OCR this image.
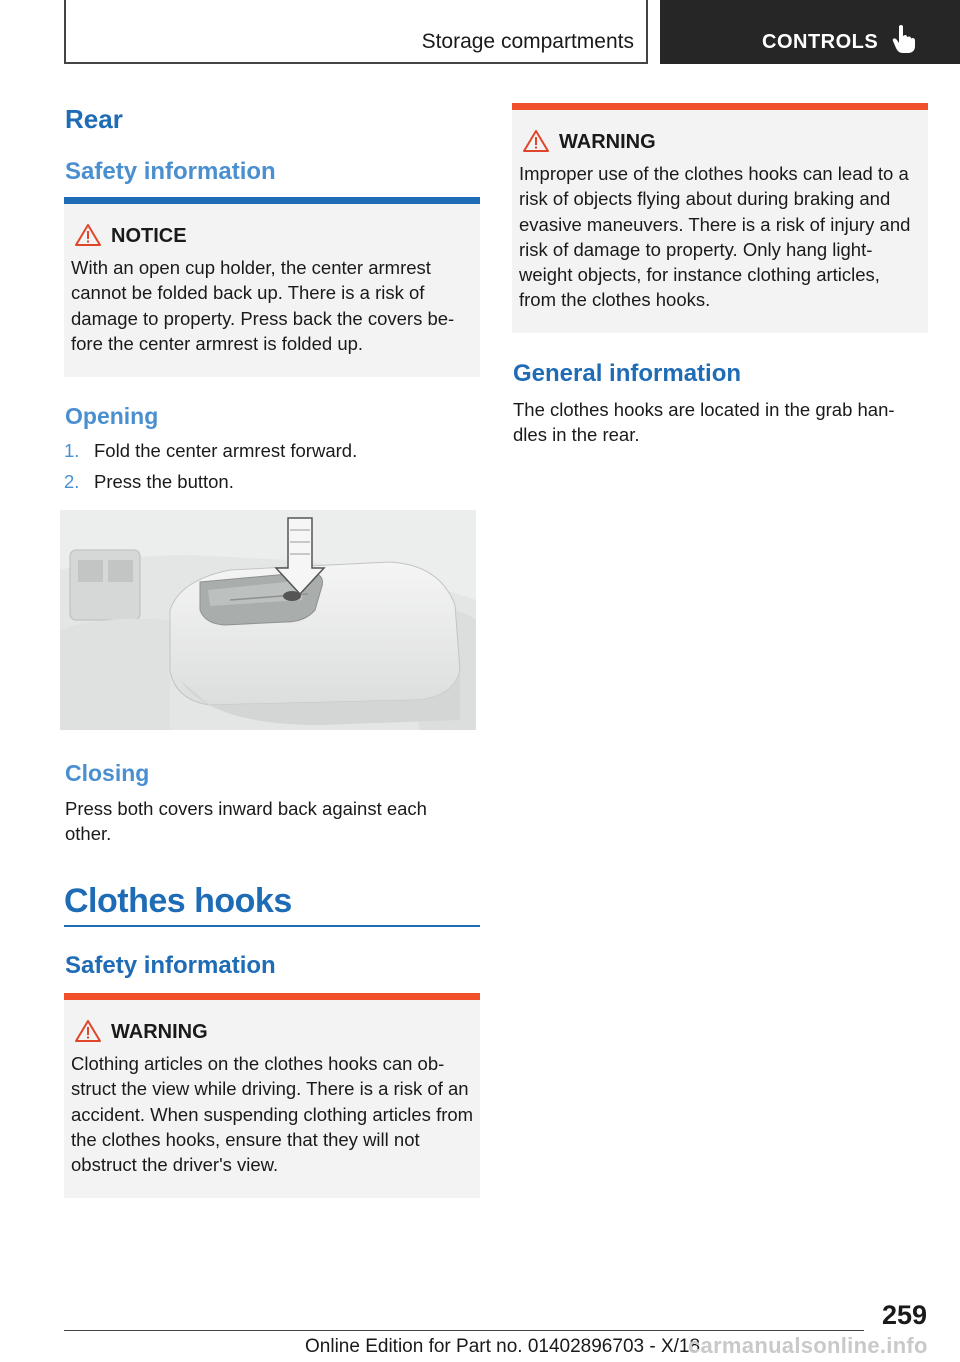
Storage compartments	CONTROLS
Rear
Safety information
NOTICE
With an open cup holder, the center armrest cannot be folded back up. There is a risk of damage to property. Press back the covers be‐fore the center armrest is folded up.
Opening
1. Fold the center armrest forward.
2. Press the button.
Closing
Press both covers inward back against each other.
Clothes hooks
Safety information
WARNING
Clothing articles on the clothes hooks can ob‐struct the view while driving. There is a risk of an accident. When suspending clothing articles from the clothes hooks, ensure that they will not obstruct the driver's view.
WARNING
Improper use of the clothes hooks can lead to a risk of objects flying about during braking and evasive maneuvers. There is a risk of injury and risk of damage to property. Only hang light‐weight objects, for instance clothing articles, from the clothes hooks.
General information
The clothes hooks are located in the grab han‐dles in the rear.
259
Online Edition for Part no. 01402896703 - X/18
carmanualsonline.info
